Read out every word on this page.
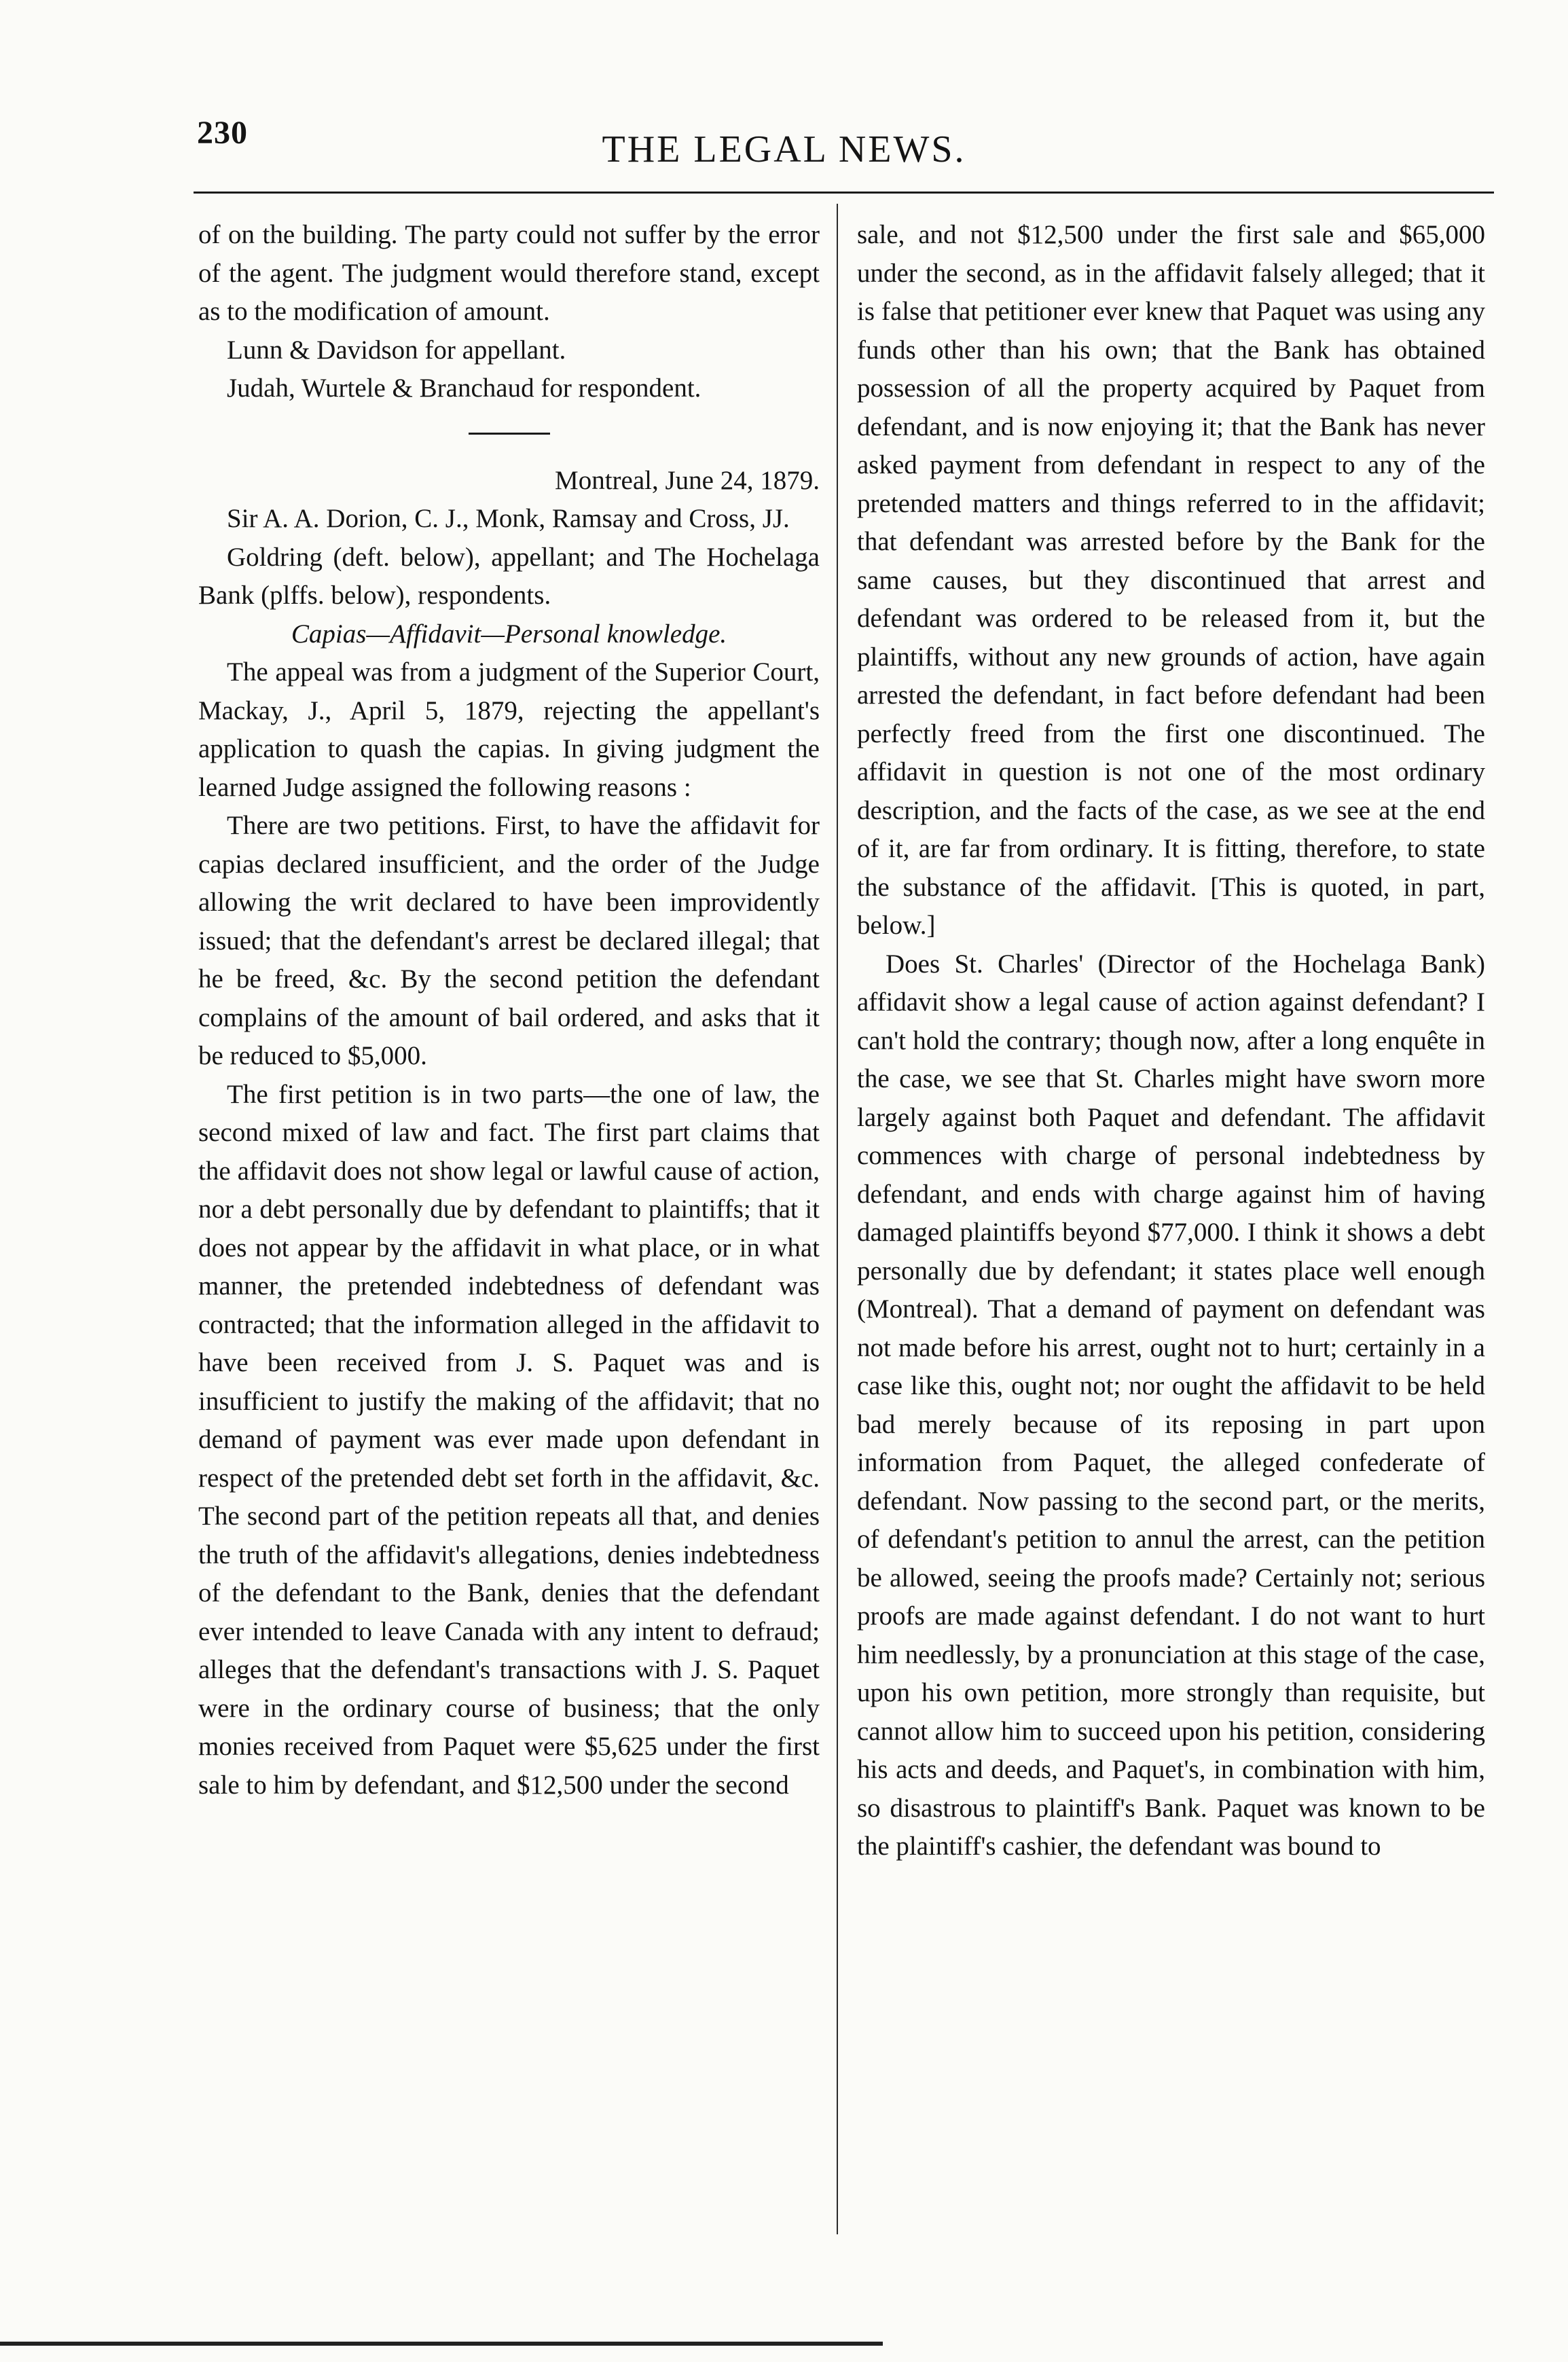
230	THE LEGAL NEWS.

of on the building. The party could not suffer by the error of the agent. The judgment would therefore stand, except as to the modification of amount.

Lunn & Davidson for appellant.

Judah, Wurtele & Branchaud for respondent.

Montreal, June 24, 1879.

Sir A. A. Dorion, C. J., Monk, Ramsay and Cross, JJ.

Goldring (deft. below), appellant; and The Hochelaga Bank (plffs. below), respondents.

Capias—Affidavit—Personal knowledge.

The appeal was from a judgment of the Superior Court, Mackay, J., April 5, 1879, rejecting the appellant's application to quash the capias. In giving judgment the learned Judge assigned the following reasons :

There are two petitions. First, to have the affidavit for capias declared insufficient, and the order of the Judge allowing the writ declared to have been improvidently issued; that the defendant's arrest be declared illegal; that he be freed, &c. By the second petition the defendant complains of the amount of bail ordered, and asks that it be reduced to $5,000.

The first petition is in two parts—the one of law, the second mixed of law and fact. The first part claims that the affidavit does not show legal or lawful cause of action, nor a debt personally due by defendant to plaintiffs; that it does not appear by the affidavit in what place, or in what manner, the pretended indebtedness of defendant was contracted; that the information alleged in the affidavit to have been received from J. S. Paquet was and is insufficient to justify the making of the affidavit; that no demand of payment was ever made upon defendant in respect of the pretended debt set forth in the affidavit, &c. The second part of the petition repeats all that, and denies the truth of the affidavit's allegations, denies indebtedness of the defendant to the Bank, denies that the defendant ever intended to leave Canada with any intent to defraud; alleges that the defendant's transactions with J. S. Paquet were in the ordinary course of business; that the only monies received from Paquet were $5,625 under the first sale to him by defendant, and $12,500 under the second

sale, and not $12,500 under the first sale and $65,000 under the second, as in the affidavit falsely alleged; that it is false that petitioner ever knew that Paquet was using any funds other than his own; that the Bank has obtained possession of all the property acquired by Paquet from defendant, and is now enjoying it; that the Bank has never asked payment from defendant in respect to any of the pretended matters and things referred to in the affidavit; that defendant was arrested before by the Bank for the same causes, but they discontinued that arrest and defendant was ordered to be released from it, but the plaintiffs, without any new grounds of action, have again arrested the defendant, in fact before defendant had been perfectly freed from the first one discontinued. The affidavit in question is not one of the most ordinary description, and the facts of the case, as we see at the end of it, are far from ordinary. It is fitting, therefore, to state the substance of the affidavit. [This is quoted, in part, below.]

Does St. Charles' (Director of the Hochelaga Bank) affidavit show a legal cause of action against defendant? I can't hold the contrary; though now, after a long enquête in the case, we see that St. Charles might have sworn more largely against both Paquet and defendant. The affidavit commences with charge of personal indebtedness by defendant, and ends with charge against him of having damaged plaintiffs beyond $77,000. I think it shows a debt personally due by defendant; it states place well enough (Montreal). That a demand of payment on defendant was not made before his arrest, ought not to hurt; certainly in a case like this, ought not; nor ought the affidavit to be held bad merely because of its reposing in part upon information from Paquet, the alleged confederate of defendant. Now passing to the second part, or the merits, of defendant's petition to annul the arrest, can the petition be allowed, seeing the proofs made? Certainly not; serious proofs are made against defendant. I do not want to hurt him needlessly, by a pronunciation at this stage of the case, upon his own petition, more strongly than requisite, but cannot allow him to succeed upon his petition, considering his acts and deeds, and Paquet's, in combination with him, so disastrous to plaintiff's Bank. Paquet was known to be the plaintiff's cashier, the defendant was bound to
